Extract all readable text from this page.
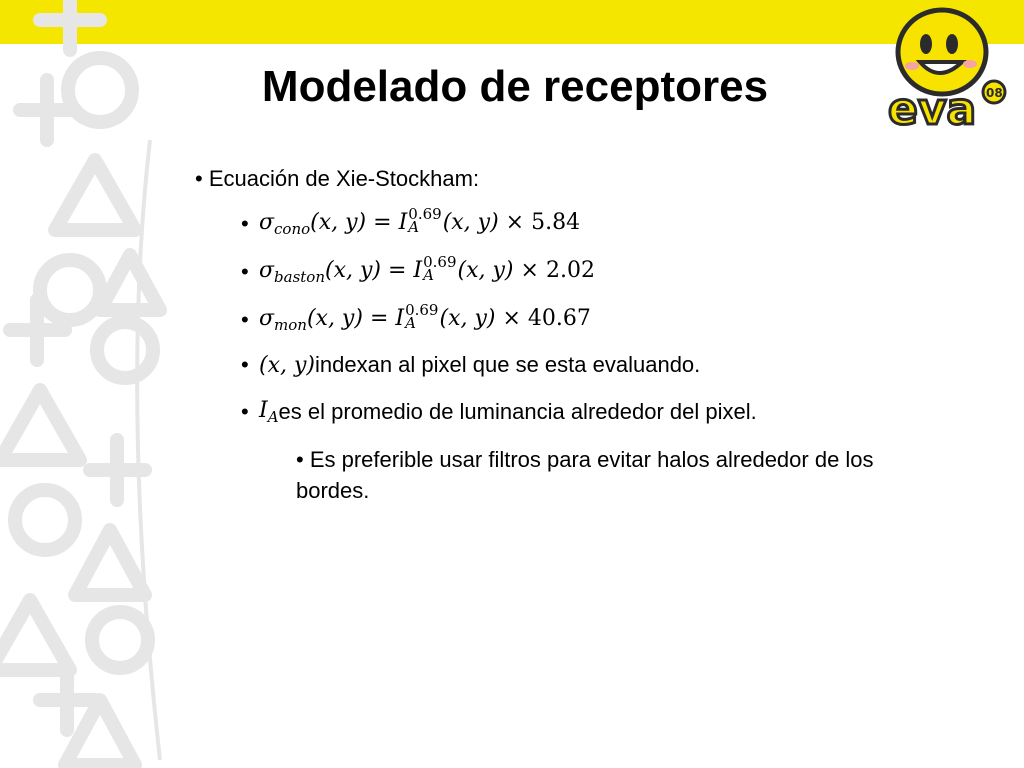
eva 08
Modelado de receptores
• Ecuación de Xie-Stockham:
• $\sigma_{cono}(x$, y) = I 0.69
A	(x, y) × 5.84
• $\sigma_{baston}(x$, y) = I 0.69
A	(x, y) × 2.02
• $\sigma_{mon}(x$, y) = I 0.69
A	(x, y) × 40.67
• (x, y) indexan al pixel que se esta evaluando.
• $I_A$ es el promedio de luminancia alrededor del pixel.
• Es preferible usar filtros para evitar halos alrededor de los bordes.
